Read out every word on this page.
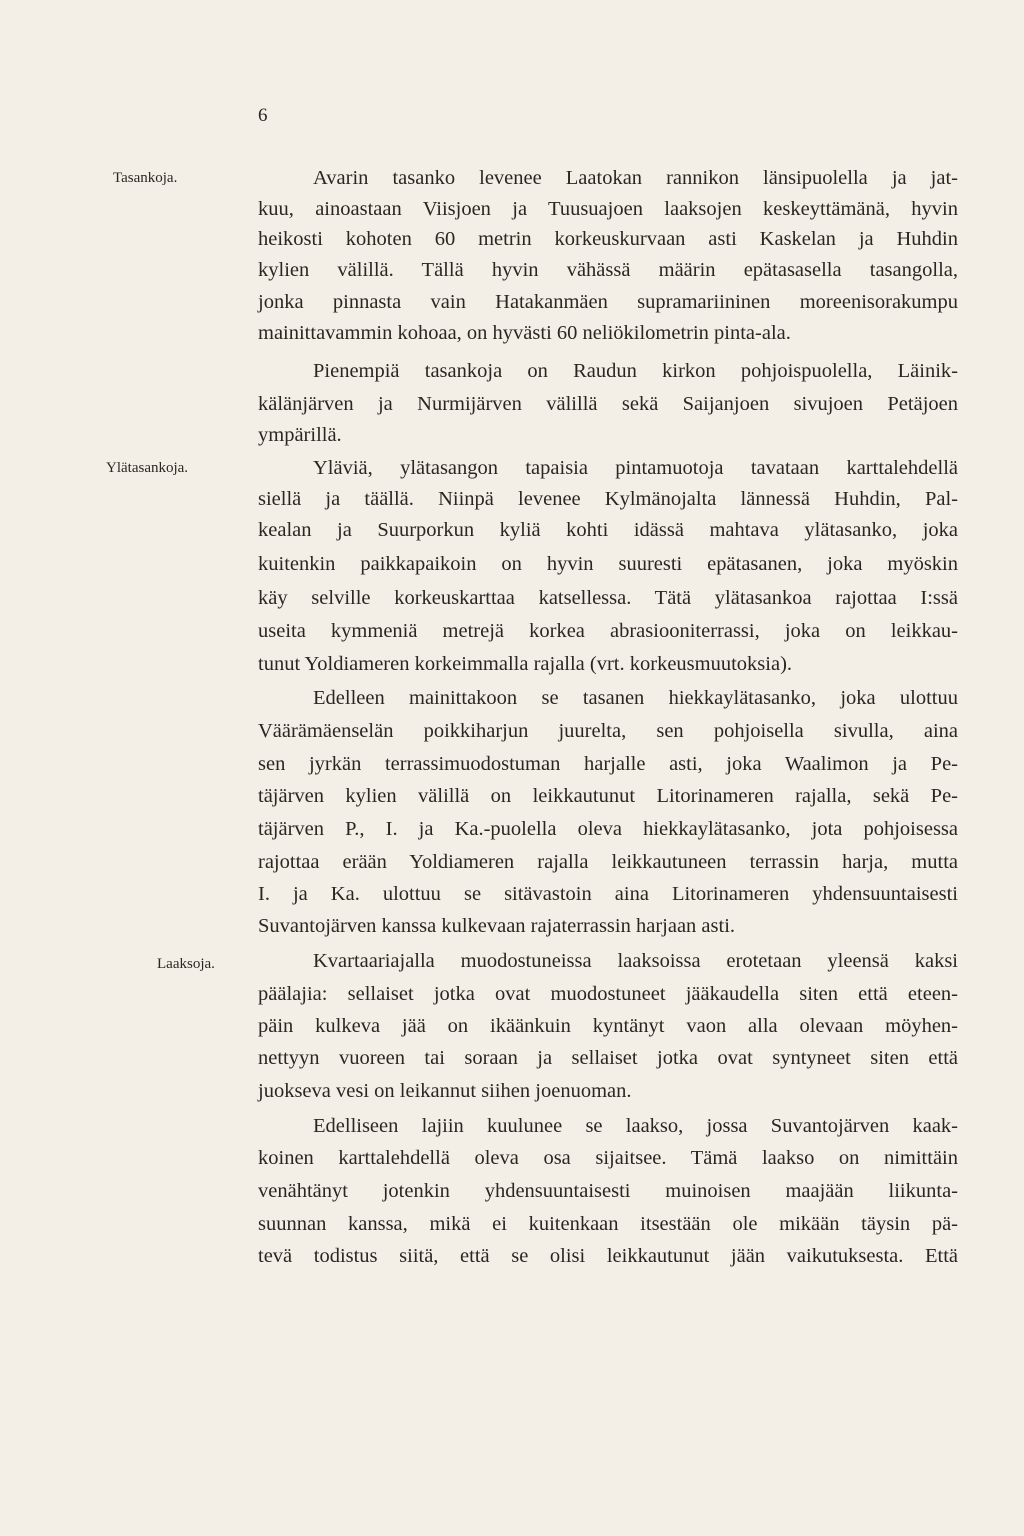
6
Tasankoja.
Ylätasankoja.
Laaksoja.
Avarin tasanko levenee Laatokan rannikon länsipuolella ja jat-
kuu, ainoastaan Viisjoen ja Tuusuajoen laaksojen keskeyttämänä, hyvin
heikosti kohoten 60 metrin korkeuskurvaan asti Kaskelan ja Huhdin
kylien välillä. Tällä hyvin vähässä määrin epätasasella tasangolla,
jonka pinnasta vain Hatakanmäen supramariininen moreenisorakumpu
mainittavammin kohoaa, on hyvästi 60 neliökilometrin pinta-ala.
Pienempiä tasankoja on Raudun kirkon pohjoispuolella, Läinik-
kälänjärven ja Nurmijärven välillä sekä Saijanjoen sivujoen Petäjoen
ympärillä.
Yläviä, ylätasangon tapaisia pintamuotoja tavataan karttalehdellä
siellä ja täällä. Niinpä levenee Kylmänojalta lännessä Huhdin, Pal-
kealan ja Suurporkun kyliä kohti idässä mahtava ylätasanko, joka
kuitenkin paikkapaikoin on hyvin suuresti epätasanen, joka myöskin
käy selville korkeuskarttaa katsellessa. Tätä ylätasankoa rajottaa I:ssä
useita kymmeniä metrejä korkea abrasiooniterrassi, joka on leikkau-
tunut Yoldiameren korkeimmalla rajalla (vrt. korkeusmuutoksia).
Edelleen mainittakoon se tasanen hiekkaylätasanko, joka ulottuu
Väärämäenselän poikkiharjun juurelta, sen pohjoisella sivulla, aina
sen jyrkän terrassimuodostuman harjalle asti, joka Waalimon ja Pe-
täjärven kylien välillä on leikkautunut Litorinameren rajalla, sekä Pe-
täjärven P., I. ja Ka.-puolella oleva hiekkaylätasanko, jota pohjoisessa
rajottaa erään Yoldiameren rajalla leikkautuneen terrassin harja, mutta
I. ja Ka. ulottuu se sitävastoin aina Litorinameren yhdensuuntaisesti
Suvantojärven kanssa kulkevaan rajaterrassin harjaan asti.
Kvartaariajalla muodostuneissa laaksoissa erotetaan yleensä kaksi
päälajia: sellaiset jotka ovat muodostuneet jääkaudella siten että eteen-
päin kulkeva jää on ikäänkuin kyntänyt vaon alla olevaan möyhen-
nettyyn vuoreen tai soraan ja sellaiset jotka ovat syntyneet siten että
juokseva vesi on leikannut siihen joenuoman.
Edelliseen lajiin kuulunee se laakso, jossa Suvantojärven kaak-
koinen karttalehdellä oleva osa sijaitsee. Tämä laakso on nimittäin
venähtänyt jotenkin yhdensuuntaisesti muinoisen maajään liikunta-
suunnan kanssa, mikä ei kuitenkaan itsestään ole mikään täysin pä-
tevä todistus siitä, että se olisi leikkautunut jään vaikutuksesta. Että
